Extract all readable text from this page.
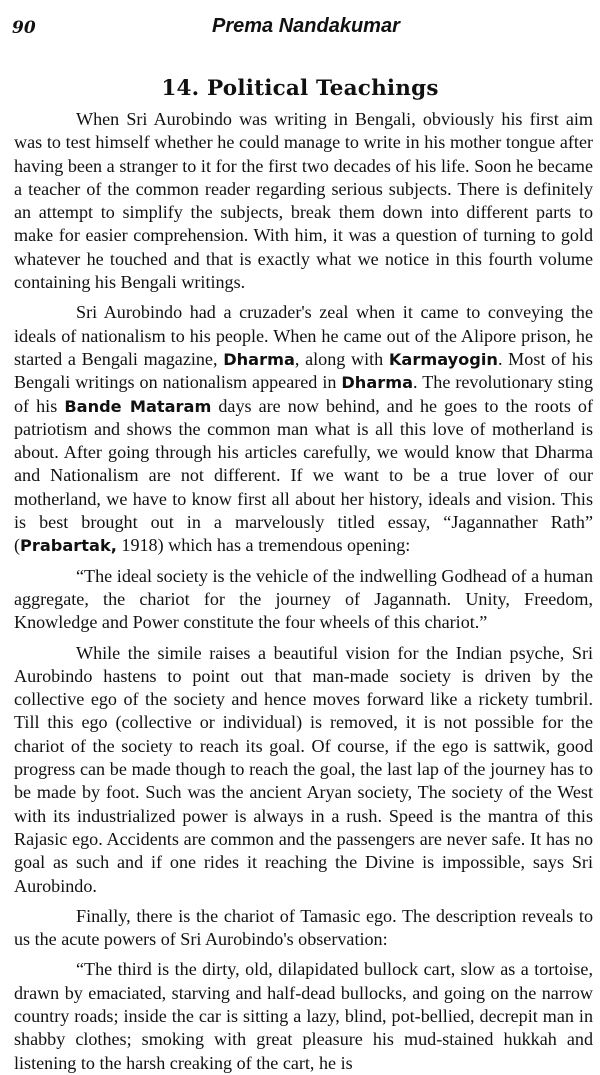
90	Prema Nandakumar
14. Political Teachings

When Sri Aurobindo was writing in Bengali, obviously his first aim was to test himself whether he could manage to write in his mother tongue after having been a stranger to it for the first two decades of his life. Soon he became a teacher of the common reader regarding serious subjects. There is definitely an attempt to simplify the subjects, break them down into different parts to make for easier comprehension. With him, it was a question of turning to gold whatever he touched and that is exactly what we notice in this fourth volume containing his Bengali writings.

Sri Aurobindo had a cruzader's zeal when it came to conveying the ideals of nationalism to his people. When he came out of the Alipore prison, he started a Bengali magazine, Dharma, along with Karmayogin. Most of his Bengali writings on nationalism appeared in Dharma. The revolutionary sting of his Bande Mataram days are now behind, and he goes to the roots of patriotism and shows the common man what is all this love of motherland is about. After going through his articles carefully, we would know that Dharma and Nationalism are not different. If we want to be a true lover of our motherland, we have to know first all about her history, ideals and vision. This is best brought out in a marvelously titled essay, “Jagannather Rath” (Prabartak, 1918) which has a tremendous opening:

“The ideal society is the vehicle of the indwelling Godhead of a human aggregate, the chariot for the journey of Jagannath. Unity, Freedom, Knowledge and Power constitute the four wheels of this chariot.”

While the simile raises a beautiful vision for the Indian psyche, Sri Aurobindo hastens to point out that man-made society is driven by the collective ego of the society and hence moves forward like a rickety tumbril. Till this ego (collective or individual) is removed, it is not possible for the chariot of the society to reach its goal. Of course, if the ego is sattwik, good progress can be made though to reach the goal, the last lap of the journey has to be made by foot. Such was the ancient Aryan society, The society of the West with its industrialized power is always in a rush. Speed is the mantra of this Rajasic ego. Accidents are common and the passengers are never safe. It has no goal as such and if one rides it reaching the Divine is impossible, says Sri Aurobindo.

Finally, there is the chariot of Tamasic ego. The description reveals to us the acute powers of Sri Aurobindo's observation:

“The third is the dirty, old, dilapidated bullock cart, slow as a tortoise, drawn by emaciated, starving and half-dead bullocks, and going on the narrow country roads; inside the car is sitting a lazy, blind, pot-bellied, decrepit man in shabby clothes; smoking with great pleasure his mud-stained hukkah and listening to the harsh creaking of the cart, he is
